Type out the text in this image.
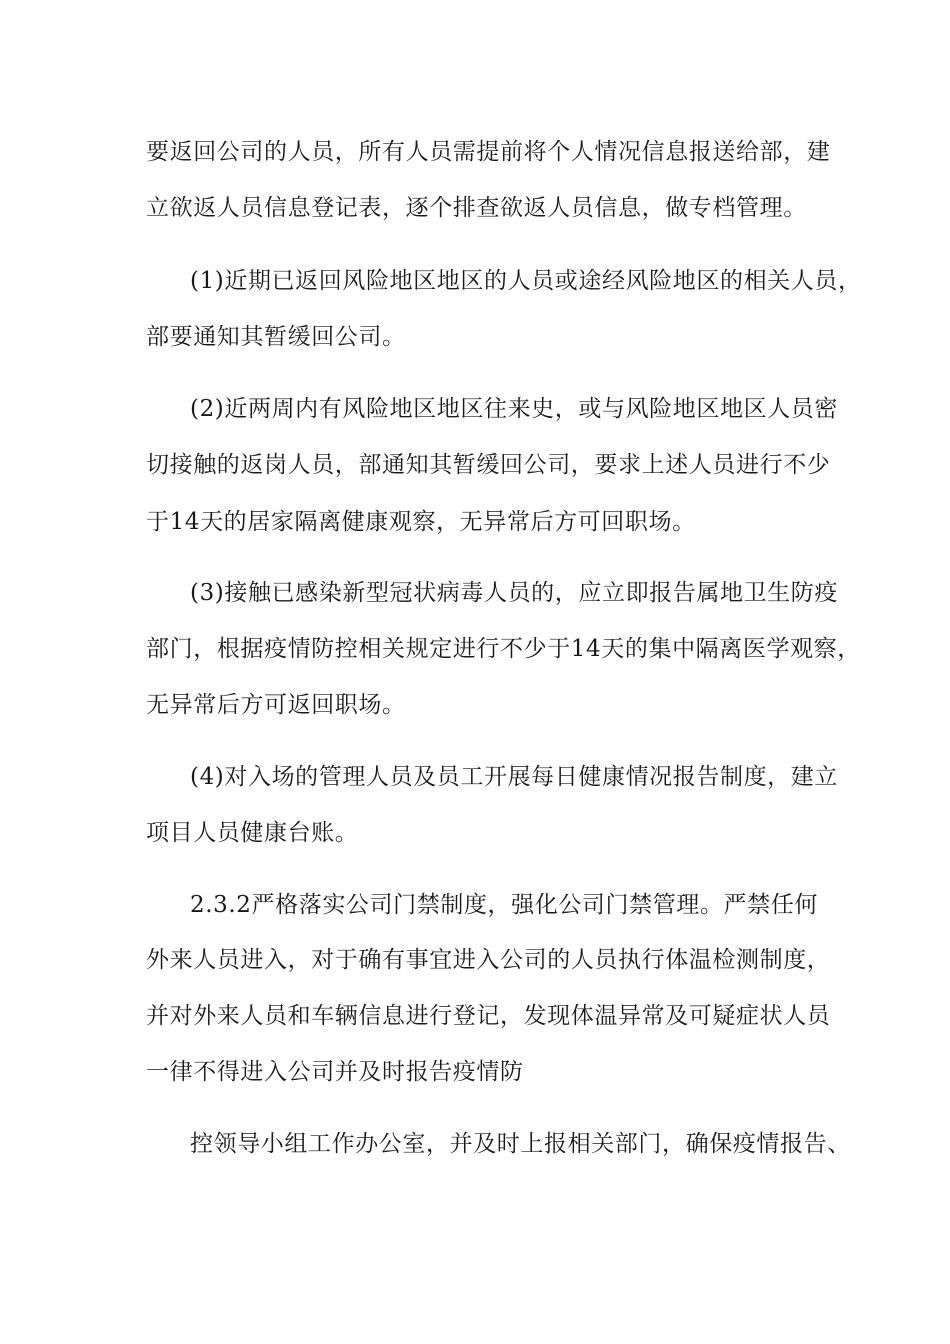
要返回公司的人员，所有人员需提前将个人情况信息报送给部，建
立欲返人员信息登记表，逐个排查欲返人员信息，做专档管理。
(1)近期已返回风险地区地区的人员或途经风险地区的相关人员，
部要通知其暂缓回公司。
(2)近两周内有风险地区地区往来史，或与风险地区地区人员密
切接触的返岗人员，部通知其暂缓回公司，要求上述人员进行不少
于14天的居家隔离健康观察，无异常后方可回职场。
(3)接触已感染新型冠状病毒人员的，应立即报告属地卫生防疫
部门，根据疫情防控相关规定进行不少于14天的集中隔离医学观察，
无异常后方可返回职场。
(4)对入场的管理人员及员工开展每日健康情况报告制度，建立
项目人员健康台账。
2.3.2严格落实公司门禁制度，强化公司门禁管理。严禁任何
外来人员进入，对于确有事宜进入公司的人员执行体温检测制度，
并对外来人员和车辆信息进行登记，发现体温异常及可疑症状人员
一律不得进入公司并及时报告疫情防
控领导小组工作办公室，并及时上报相关部门，确保疫情报告、
